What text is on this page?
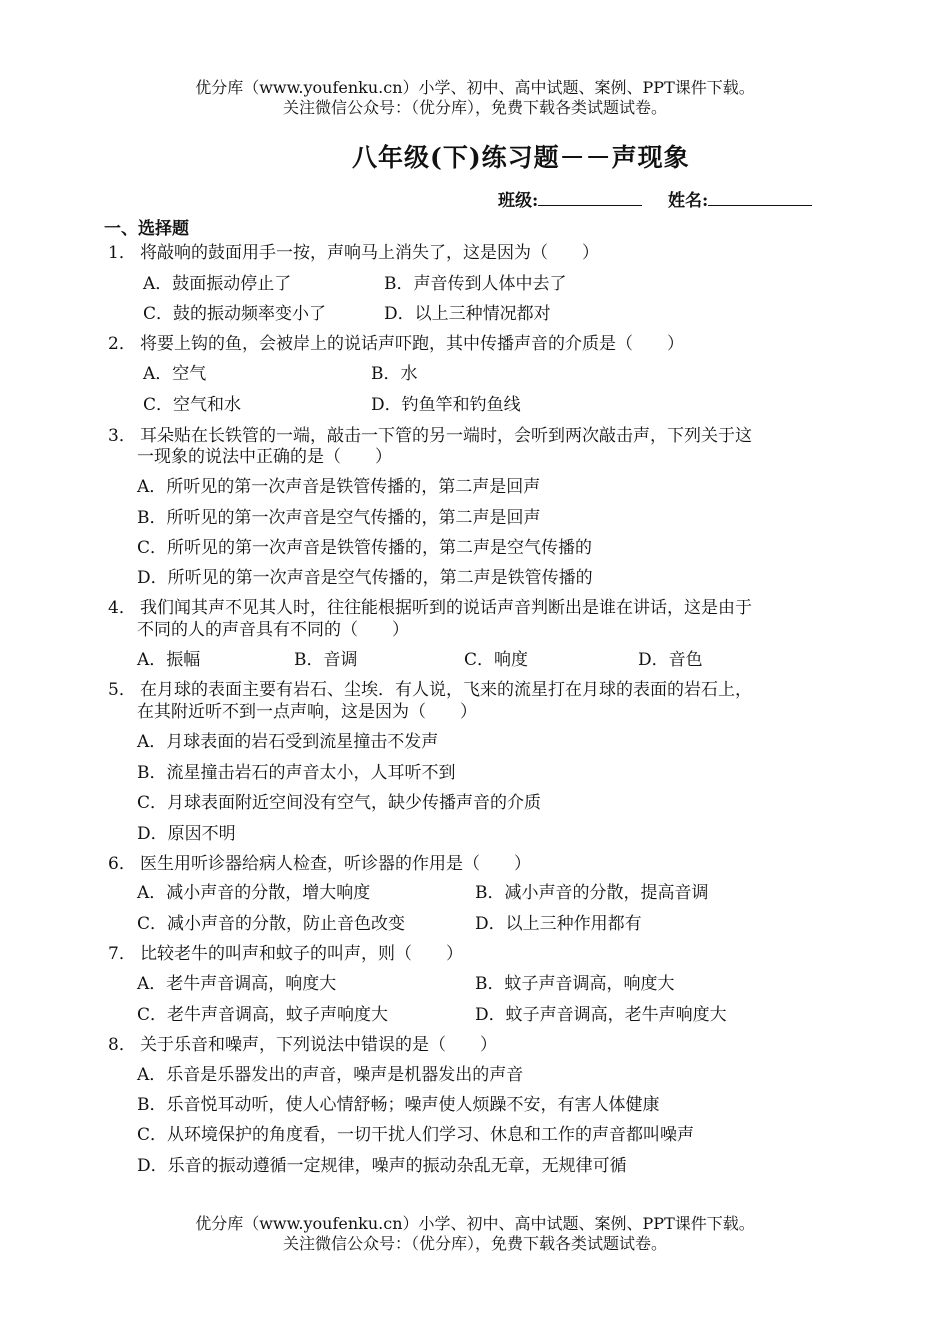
优分库（www.youfenku.cn）小学、初中、高中试题、案例、PPT课件下载。
关注微信公众号：（优分库），免费下载各类试题试卷。
八年级(下)练习题－－声现象
班级:	姓名:
一、选择题
1． 将敲响的鼓面用手一按，声响马上消失了，这是因为（　　）
A．鼓面振动停止了	B．声音传到人体中去了
C．鼓的振动频率变小了	D．以上三种情况都对
2． 将要上钩的鱼，会被岸上的说话声吓跑，其中传播声音的介质是（　　）
A．空气	B．水
C．空气和水	D．钓鱼竿和钓鱼线
3． 耳朵贴在长铁管的一端，敲击一下管的另一端时，会听到两次敲击声，下列关于这
一现象的说法中正确的是（　　）
A．所听见的第一次声音是铁管传播的，第二声是回声
B．所听见的第一次声音是空气传播的，第二声是回声
C．所听见的第一次声音是铁管传播的，第二声是空气传播的
D．所听见的第一次声音是空气传播的，第二声是铁管传播的
4． 我们闻其声不见其人时，往往能根据听到的说话声音判断出是谁在讲话，这是由于
不同的人的声音具有不同的（　　）
A．振幅	B．音调	C．响度	D．音色
5． 在月球的表面主要有岩石、尘埃．有人说，飞来的流星打在月球的表面的岩石上，
在其附近听不到一点声响，这是因为（　　）
A．月球表面的岩石受到流星撞击不发声
B．流星撞击岩石的声音太小，人耳听不到
C．月球表面附近空间没有空气，缺少传播声音的介质
D．原因不明
6． 医生用听诊器给病人检查，听诊器的作用是（　　）
A．减小声音的分散，增大响度	B．减小声音的分散，提高音调
C．减小声音的分散，防止音色改变	D．以上三种作用都有
7． 比较老牛的叫声和蚊子的叫声，则（　　）
A．老牛声音调高，响度大	B．蚊子声音调高，响度大
C．老牛声音调高，蚊子声响度大	D．蚊子声音调高，老牛声响度大
8． 关于乐音和噪声，下列说法中错误的是（　　）
A．乐音是乐器发出的声音，噪声是机器发出的声音
B．乐音悦耳动听，使人心情舒畅；噪声使人烦躁不安，有害人体健康
C．从环境保护的角度看，一切干扰人们学习、休息和工作的声音都叫噪声
D．乐音的振动遵循一定规律，噪声的振动杂乱无章，无规律可循
优分库（www.youfenku.cn）小学、初中、高中试题、案例、PPT课件下载。
关注微信公众号：（优分库），免费下载各类试题试卷。
